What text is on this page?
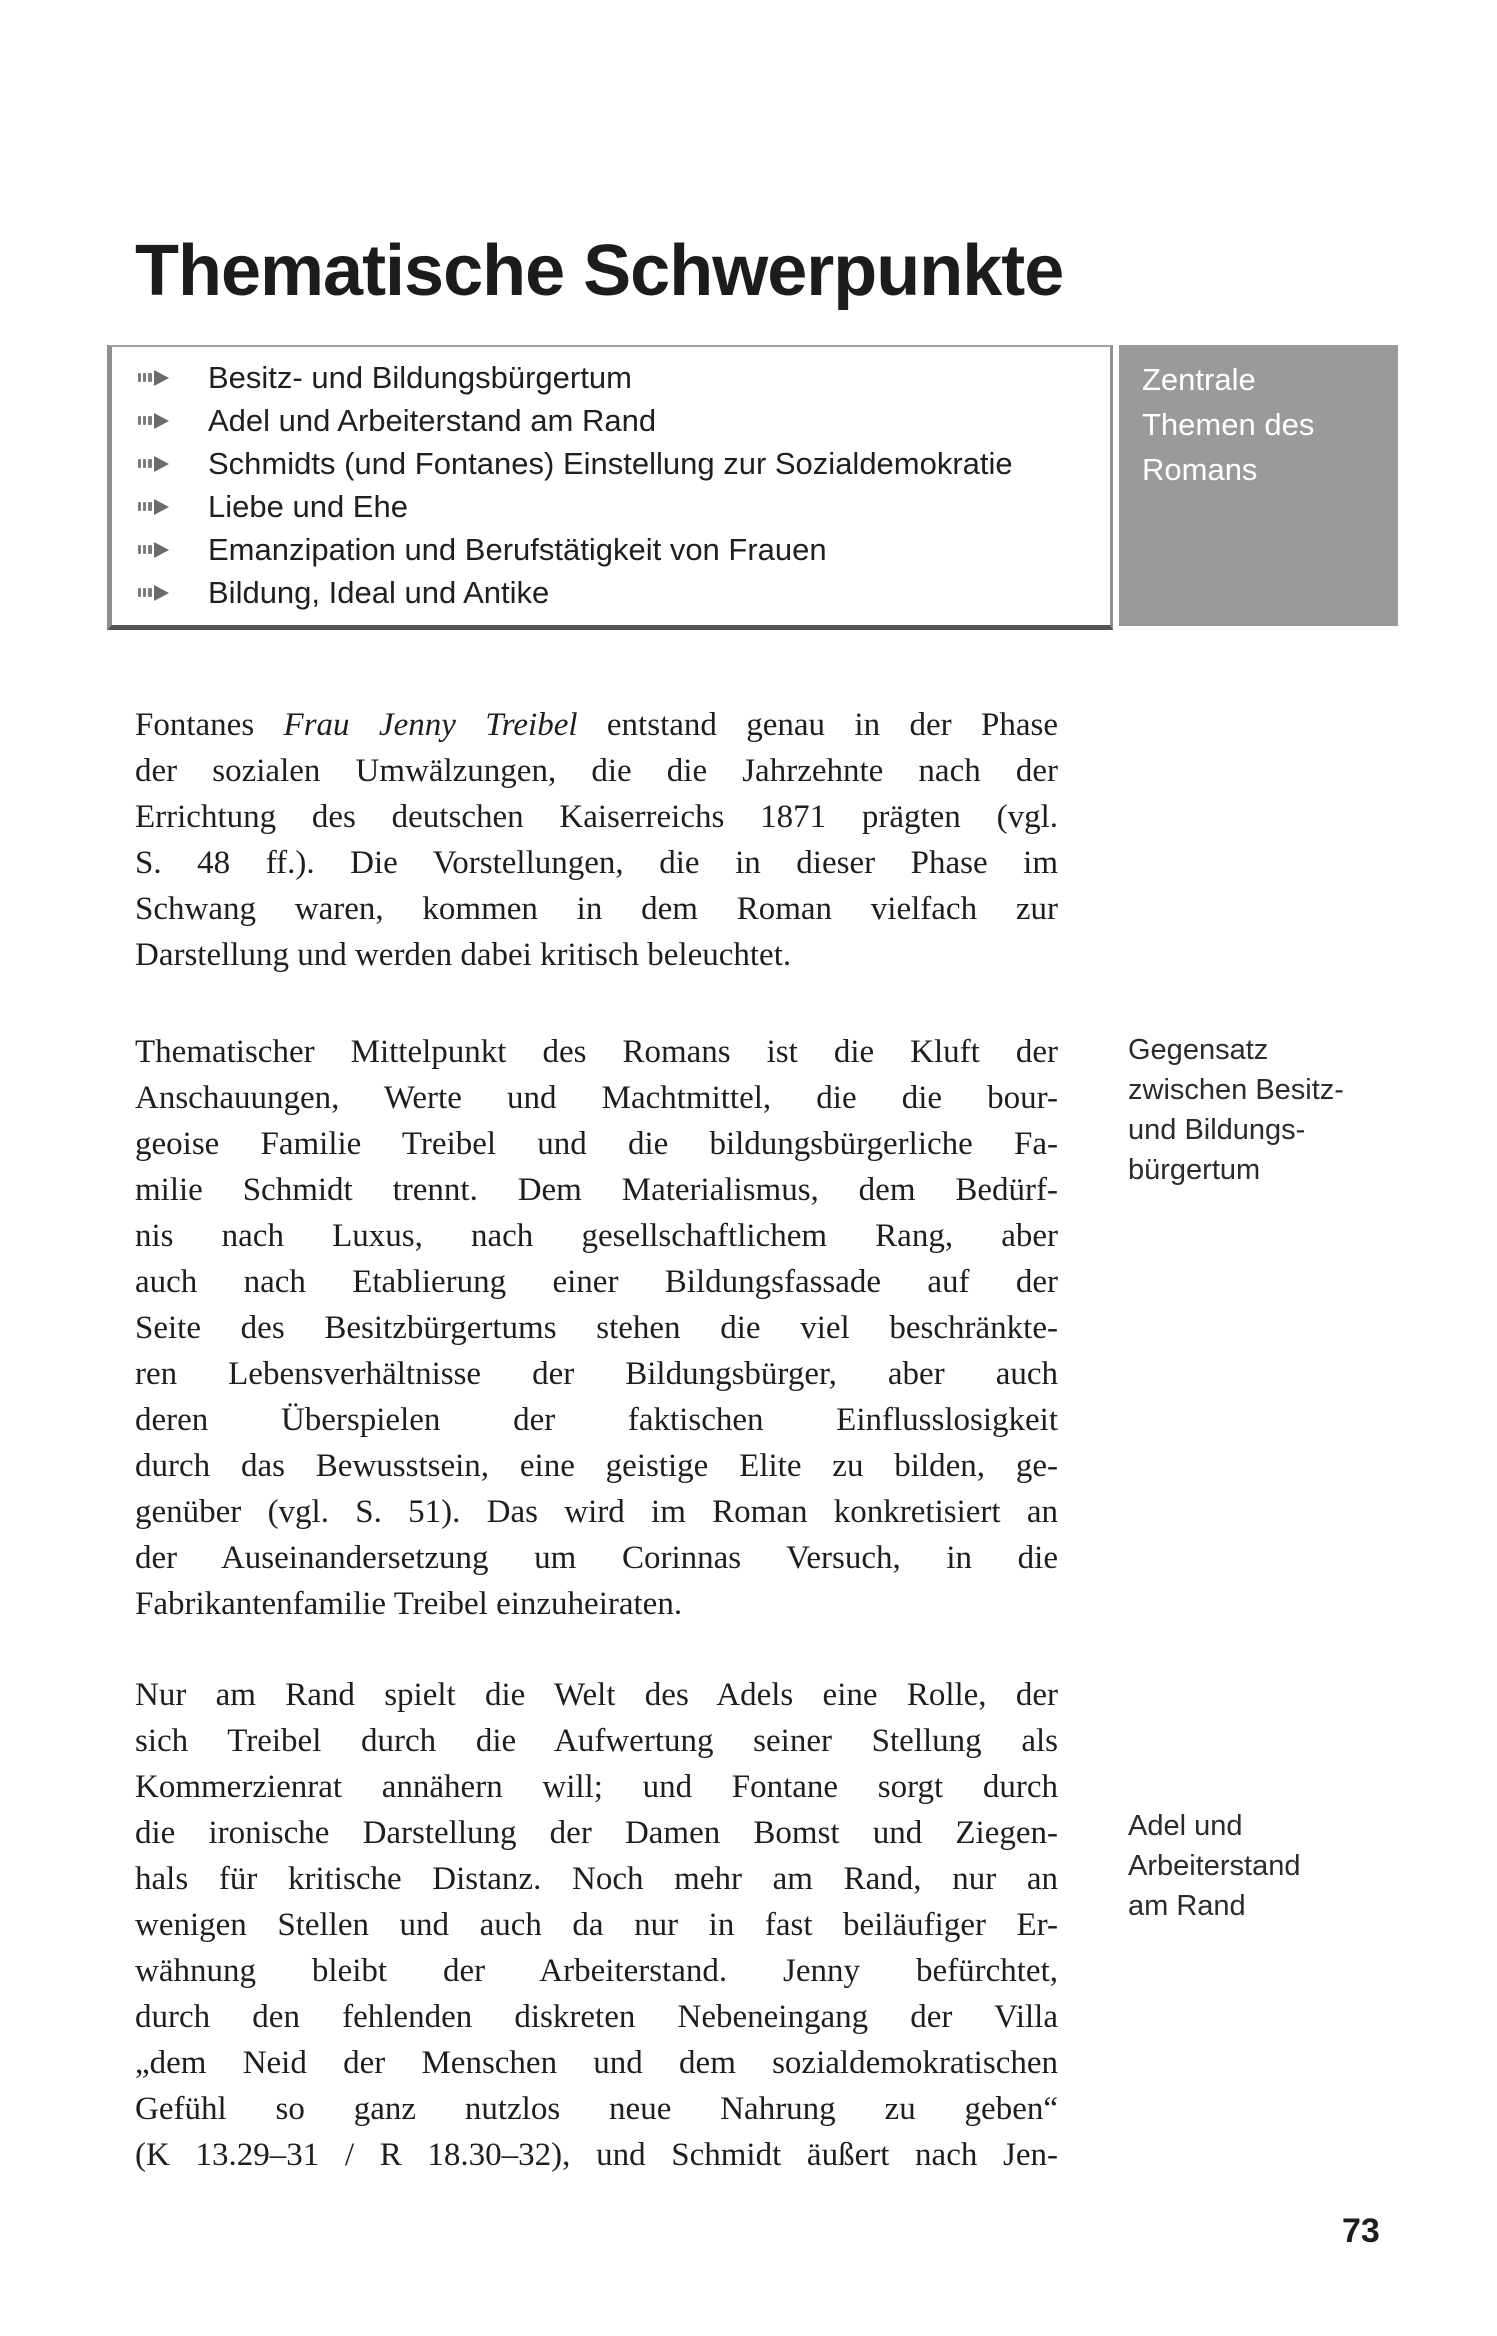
Thematische Schwerpunkte
Besitz- und Bildungsbürgertum
Adel und Arbeiterstand am Rand
Schmidts (und Fontanes) Einstellung zur Sozialdemokratie
Liebe und Ehe
Emanzipation und Berufstätigkeit von Frauen
Bildung, Ideal und Antike
Zentrale
Themen des
Romans
Gegensatz
zwischen Besitz-
und Bildungs-
bürgertum
Adel und
Arbeiterstand
am Rand
Fontanes Frau Jenny Treibel entstand genau in der Phase
der sozialen Umwälzungen, die die Jahrzehnte nach der
Errichtung des deutschen Kaiserreichs 1871 prägten (vgl.
S. 48 ff.). Die Vorstellungen, die in dieser Phase im
Schwang waren, kommen in dem Roman vielfach zur
Darstellung und werden dabei kritisch beleuchtet.
Thematischer Mittelpunkt des Romans ist die Kluft der
Anschauungen, Werte und Machtmittel, die die bour-
geoise Familie Treibel und die bildungsbürgerliche Fa-
milie Schmidt trennt. Dem Materialismus, dem Bedürf-
nis nach Luxus, nach gesellschaftlichem Rang, aber
auch nach Etablierung einer Bildungsfassade auf der
Seite des Besitzbürgertums stehen die viel beschränkte-
ren Lebensverhältnisse der Bildungsbürger, aber auch
deren Überspielen der faktischen Einflusslosigkeit
durch das Bewusstsein, eine geistige Elite zu bilden, ge-
genüber (vgl. S. 51). Das wird im Roman konkretisiert an
der Auseinandersetzung um Corinnas Versuch, in die
Fabrikantenfamilie Treibel einzuheiraten.
Nur am Rand spielt die Welt des Adels eine Rolle, der
sich Treibel durch die Aufwertung seiner Stellung als
Kommerzienrat annähern will; und Fontane sorgt durch
die ironische Darstellung der Damen Bomst und Ziegen-
hals für kritische Distanz. Noch mehr am Rand, nur an
wenigen Stellen und auch da nur in fast beiläufiger Er-
wähnung bleibt der Arbeiterstand. Jenny befürchtet,
durch den fehlenden diskreten Nebeneingang der Villa
„dem Neid der Menschen und dem sozialdemokratischen
Gefühl so ganz nutzlos neue Nahrung zu geben“
(K 13.29–31 / R 18.30–32), und Schmidt äußert nach Jen-
73
